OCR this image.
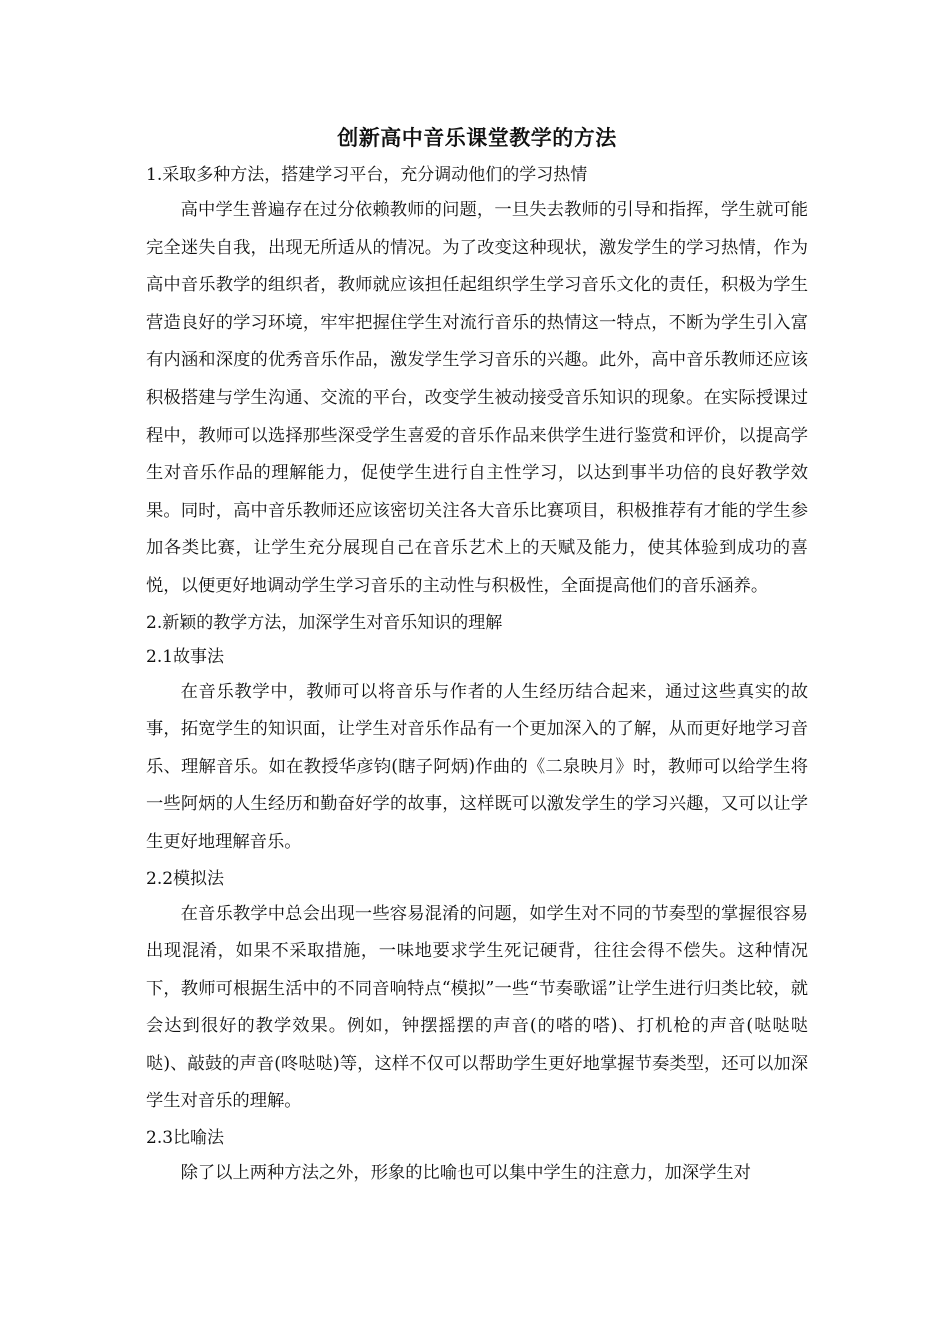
创新高中音乐课堂教学的方法

1.采取多种方法，搭建学习平台，充分调动他们的学习热情

高中学生普遍存在过分依赖教师的问题，一旦失去教师的引导和指挥，学生就可能完全迷失自我，出现无所适从的情况。为了改变这种现状，激发学生的学习热情，作为高中音乐教学的组织者，教师就应该担任起组织学生学习音乐文化的责任，积极为学生营造良好的学习环境，牢牢把握住学生对流行音乐的热情这一特点，不断为学生引入富有内涵和深度的优秀音乐作品，激发学生学习音乐的兴趣。此外，高中音乐教师还应该积极搭建与学生沟通、交流的平台，改变学生被动接受音乐知识的现象。在实际授课过程中，教师可以选择那些深受学生喜爱的音乐作品来供学生进行鉴赏和评价，以提高学生对音乐作品的理解能力，促使学生进行自主性学习，以达到事半功倍的良好教学效果。同时，高中音乐教师还应该密切关注各大音乐比赛项目，积极推荐有才能的学生参加各类比赛，让学生充分展现自己在音乐艺术上的天赋及能力，使其体验到成功的喜悦，以便更好地调动学生学习音乐的主动性与积极性，全面提高他们的音乐涵养。

2.新颖的教学方法，加深学生对音乐知识的理解

2.1故事法

在音乐教学中，教师可以将音乐与作者的人生经历结合起来，通过这些真实的故事，拓宽学生的知识面，让学生对音乐作品有一个更加深入的了解，从而更好地学习音乐、理解音乐。如在教授华彦钧(瞎子阿炳)作曲的《二泉映月》时，教师可以给学生将一些阿炳的人生经历和勤奋好学的故事，这样既可以激发学生的学习兴趣，又可以让学生更好地理解音乐。

2.2模拟法

在音乐教学中总会出现一些容易混淆的问题，如学生对不同的节奏型的掌握很容易出现混淆，如果不采取措施，一味地要求学生死记硬背，往往会得不偿失。这种情况下，教师可根据生活中的不同音响特点“模拟”一些“节奏歌谣”让学生进行归类比较，就会达到很好的教学效果。例如，钟摆摇摆的声音(的嗒的嗒)、打机枪的声音(哒哒哒哒)、敲鼓的声音(咚哒哒)等，这样不仅可以帮助学生更好地掌握节奏类型，还可以加深学生对音乐的理解。

2.3比喻法

除了以上两种方法之外，形象的比喻也可以集中学生的注意力，加深学生对
